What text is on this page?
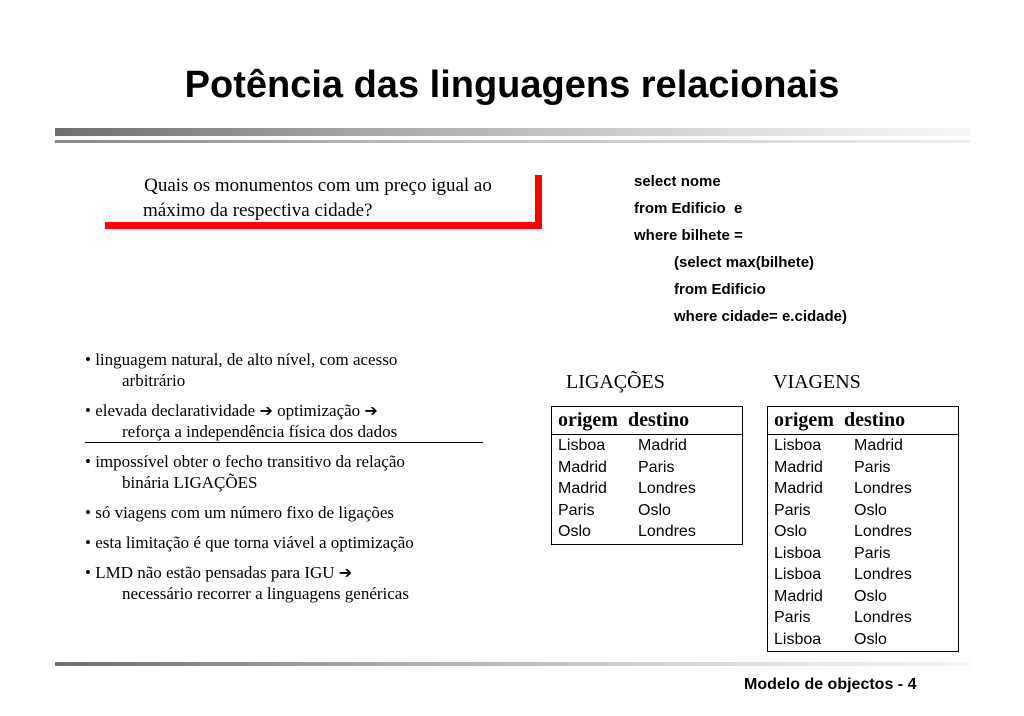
Potência das linguagens relacionais
Quais os monumentos com um preço igual ao
máximo da respectiva cidade?
select nome
from Edificio  e
where bilhete =
(select max(bilhete)
from Edificio
where cidade= e.cidade)
• linguagem natural, de alto nível, com acesso
arbitrário
• elevada declaratividade ➔ optimização ➔
reforça a independência física dos dados
• impossível obter o fecho transitivo da relação
binária LIGAÇÕES
• só viagens com um número fixo de ligações
• esta limitação é que torna viável a optimização
• LMD não estão pensadas para IGU ➔
necessário recorrer a linguagens genéricas
LIGAÇÕES
origem  destino
Lisboa Madrid
Madrid Paris
Madrid Londres
Paris	Oslo
Oslo	Londres
VIAGENS
origem  destino
Lisboa Madrid
Madrid Paris
Madrid Londres
Paris	Oslo
Oslo	Londres
Lisboa Paris
Lisboa Londres
Madrid Oslo
Paris	Londres
Lisboa Oslo
Modelo de objectos - 4
